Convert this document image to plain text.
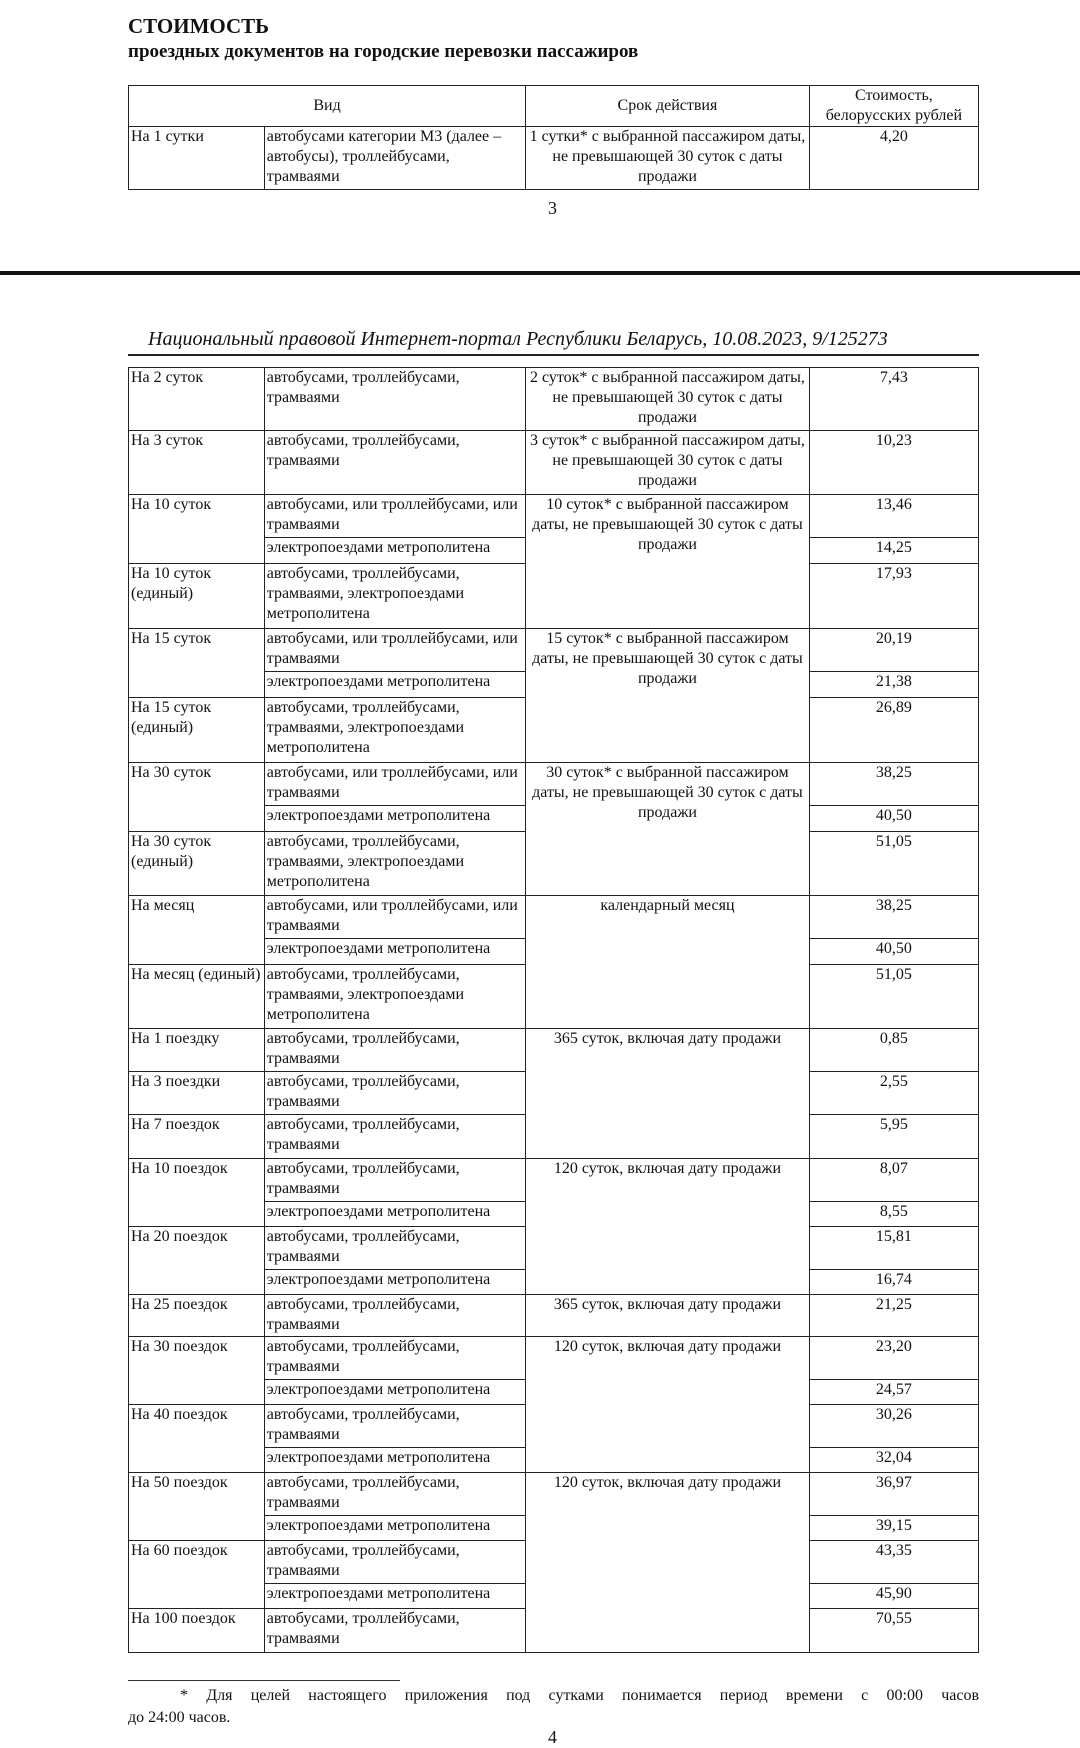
СТОИМОСТЬ
проездных документов на городские перевозки пассажиров
Вид		Срок действия	Стоимость,
белорусских рублей

На 1 сутки	автобусами категории М3 (далее – автобусы), троллейбусами, трамваями	1 сутки* с выбранной пассажиром даты, не превышающей 30 суток с даты продажи	4,20
3
Национальный правовой Интернет-портал Республики Беларусь, 10.08.2023, 9/125273
На 2 суток	автобусами, троллейбусами, трамваями	2 суток* с выбранной пассажиром даты, не превышающей 30 суток с даты продажи	7,43
На 3 суток	автобусами, троллейбусами, трамваями	3 суток* с выбранной пассажиром даты, не превышающей 30 суток с даты продажи	10,23
На 10 суток	автобусами, или троллейбусами, или трамваями	10 суток* с выбранной пассажиром даты, не превышающей 30 суток с даты продажи	13,46
	электропоездами метрополитена		14,25
На 10 суток (единый)	автобусами, троллейбусами, трамваями, электропоездами метрополитена		17,93
На 15 суток	автобусами, или троллейбусами, или трамваями	15 суток* с выбранной пассажиром даты, не превышающей 30 суток с даты продажи	20,19
	электропоездами метрополитена		21,38
На 15 суток (единый)	автобусами, троллейбусами, трамваями, электропоездами метрополитена		26,89
На 30 суток	автобусами, или троллейбусами, или трамваями	30 суток* с выбранной пассажиром даты, не превышающей 30 суток с даты продажи	38,25
	электропоездами метрополитена		40,50
На 30 суток (единый)	автобусами, троллейбусами, трамваями, электропоездами метрополитена		51,05
На месяц	автобусами, или троллейбусами, или трамваями	календарный месяц	38,25
	электропоездами метрополитена		40,50
На месяц (единый)	автобусами, троллейбусами, трамваями, электропоездами метрополитена		51,05
На 1 поездку	автобусами, троллейбусами, трамваями	365 суток, включая дату продажи	0,85
На 3 поездки	автобусами, троллейбусами, трамваями		2,55
На 7 поездок	автобусами, троллейбусами, трамваями		5,95
На 10 поездок	автобусами, троллейбусами, трамваями	120 суток, включая дату продажи	8,07
	электропоездами метрополитена		8,55
На 20 поездок	автобусами, троллейбусами, трамваями		15,81
	электропоездами метрополитена		16,74
На 25 поездок	автобусами, троллейбусами, трамваями	365 суток, включая дату продажи	21,25
На 30 поездок	автобусами, троллейбусами, трамваями	120 суток, включая дату продажи	23,20
	электропоездами метрополитена		24,57
На 40 поездок	автобусами, троллейбусами, трамваями		30,26
	электропоездами метрополитена		32,04
На 50 поездок	автобусами, троллейбусами, трамваями	120 суток, включая дату продажи	36,97
	электропоездами метрополитена		39,15
На 60 поездок	автобусами, троллейбусами, трамваями		43,35
	электропоездами метрополитена		45,90
На 100 поездок	автобусами, троллейбусами, трамваями		70,55
* Для целей настоящего приложения под сутками понимается период времени с 00:00 часов
до 24:00 часов.
4
